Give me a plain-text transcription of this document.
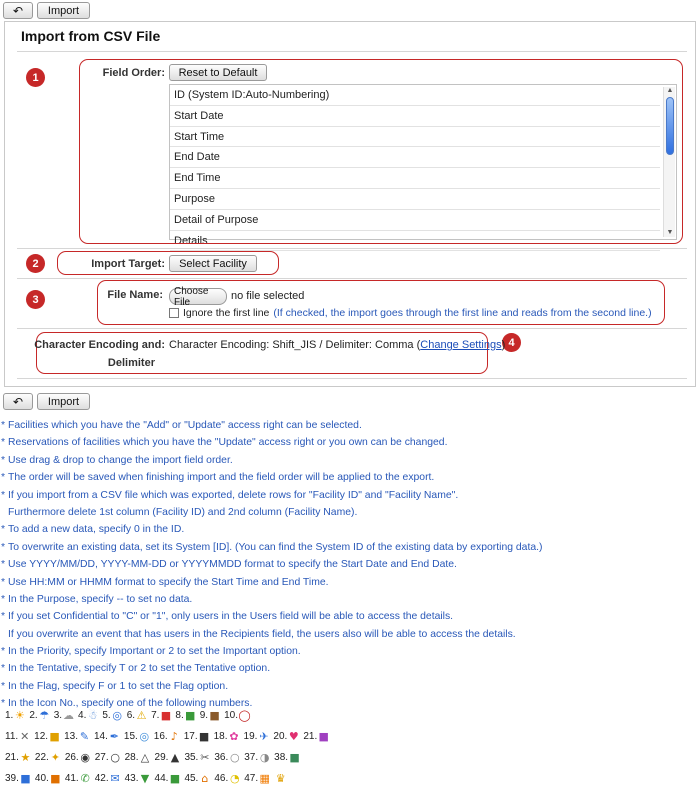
↶	Import
Import from CSV File
Field Order:	Reset to Default
ID (System ID:Auto-Numbering)
Start Date
Start Time
End Date
End Time
Purpose
Detail of Purpose
Details
▲
▼
1
2	Import Target:	Select Facility
3	File Name:	Choose File	no file selected
Ignore the first line (If checked, the import goes through the first line and reads from the second line.)
4
Character Encoding and:
Delimiter
Character Encoding: Shift_JIS / Delimiter: Comma (Change Settings)
↶	Import
* Facilities which you have the "Add" or "Update" access right can be selected.
* Reservations of facilities which you have the "Update" access right or you own can be changed.
* Use drag & drop to change the import field order.
* The order will be saved when finishing import and the field order will be applied to the export.
* If you import from a CSV file which was exported, delete rows for "Facility ID" and "Facility Name".
Furthermore delete 1st column (Facility ID) and 2nd column (Facility Name).
* To add a new data, specify 0 in the ID.
* To overwrite an existing data, set its System [ID]. (You can find the System ID of the existing data by exporting data.)
* Use YYYY/MM/DD, YYYY-MM-DD or YYYYMMDD format to specify the Start Date and End Date.
* Use HH:MM or HHMM format to specify the Start Time and End Time.
* In the Purpose, specify -- to set no data.
* If you set Confidential to "C" or "1", only users in the Users field will be able to access the details.
If you overwrite an event that has users in the Recipients field, the users also will be able to access the details.
* In the Priority, specify Important or 2 to set the Important option.
* In the Tentative, specify T or 2 to set the Tentative option.
* In the Flag, specify F or 1 to set the Flag option.
* In the Icon No., specify one of the following numbers.
1. ☀ 2. ☂ 3. ☁ 4. ☃ 5. ◎ 6. ⚠ 7. ■ 8. ■ 9. ■ 10. ◯
11. ✕ 12. ■ 13. ✎ 14. ✒ 15. ◎ 16. ♪ 17. ■ 18. ✿ 19. ✈ 20. ♥ 21. ■
21. ★ 22. ✦ 26. ◉ 27. ○ 28. △ 29. ▲ 35. ✂ 36. ○ 37. ◑ 38. ■
39. ■ 40. ■ 41. ✆ 42. ✉ 43. ▼ 44. ■ 45. ⌂ 46. ◔ 47. ▦ ♛
